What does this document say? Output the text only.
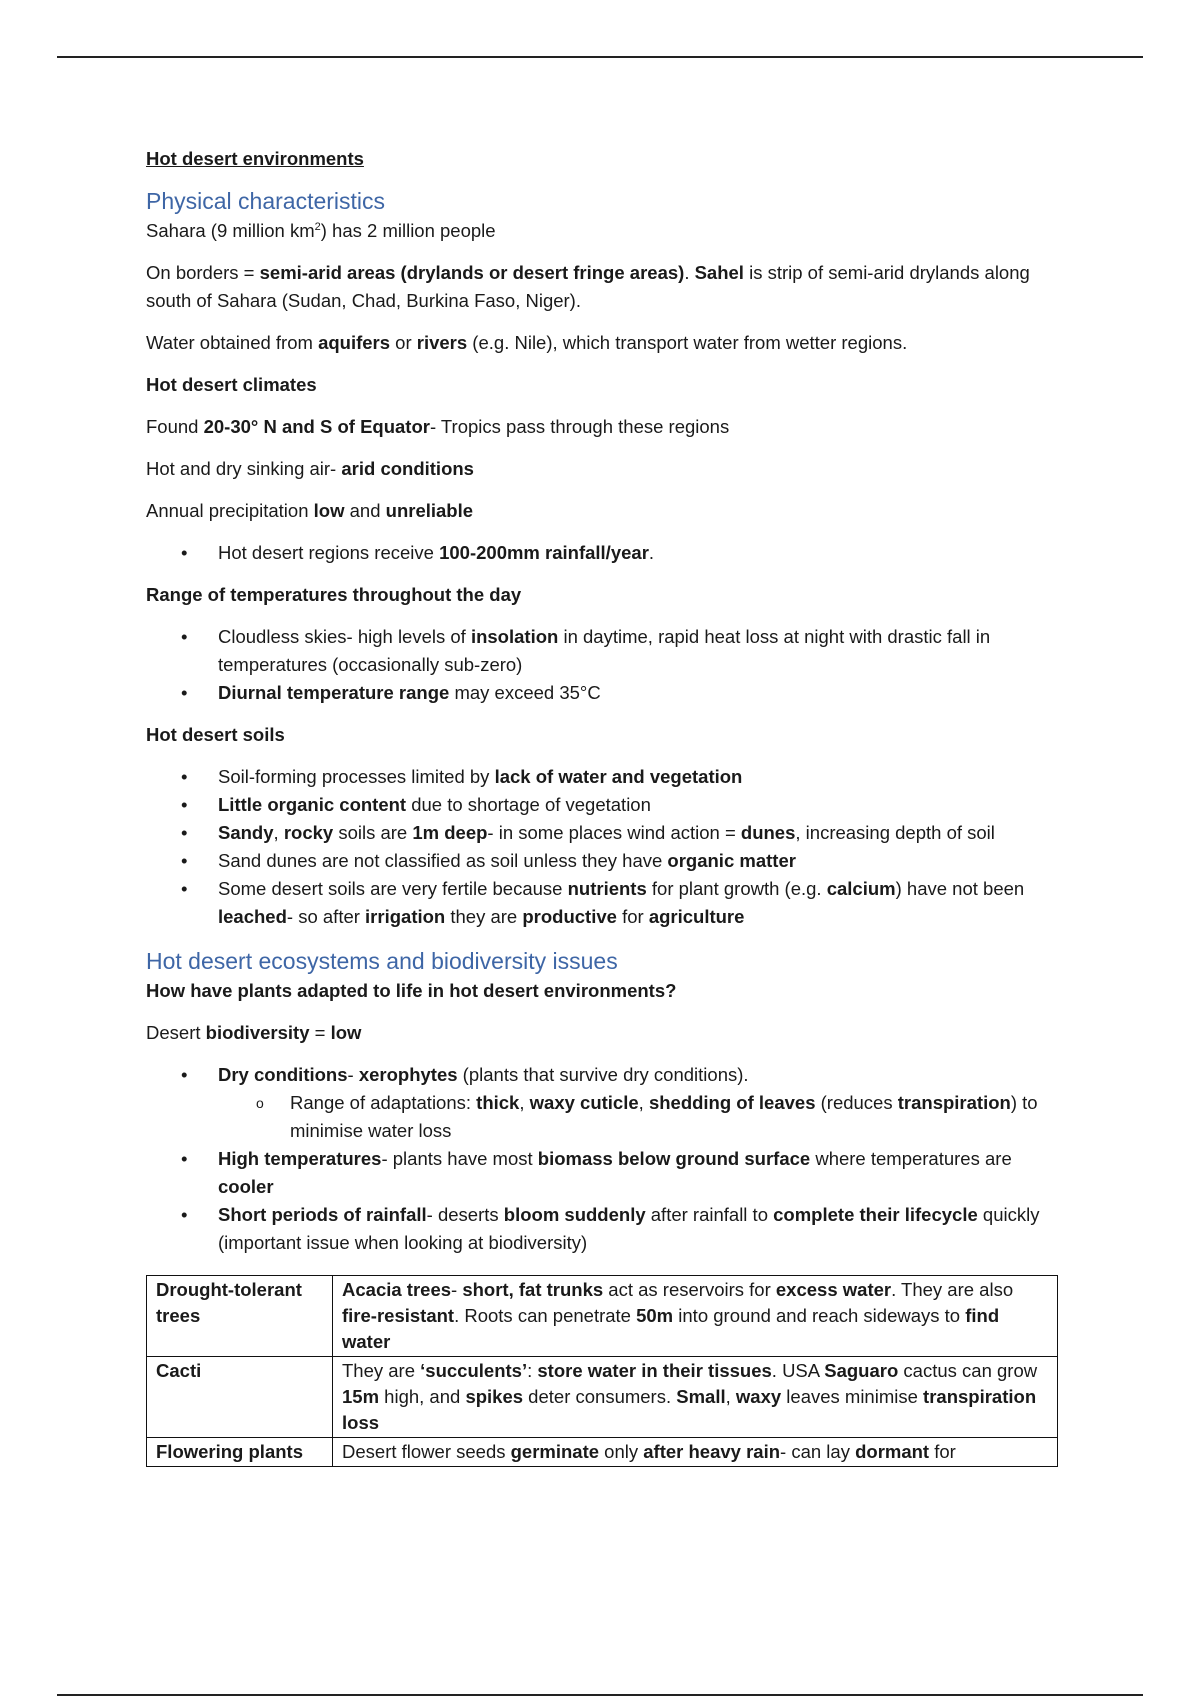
Hot desert environments

Physical characteristics

Sahara (9 million $km^2$) has 2 million people

On borders = semi-arid areas (drylands or desert fringe areas). Sahel is strip of semi-arid drylands along south of Sahara (Sudan, Chad, Burkina Faso, Niger).

Water obtained from aquifers or rivers (e.g. Nile), which transport water from wetter regions.

Hot desert climates

Found 20-30° N and S of Equator- Tropics pass through these regions

Hot and dry sinking air- arid conditions

Annual precipitation low and unreliable

• Hot desert regions receive 100-200mm rainfall/year.

Range of temperatures throughout the day

• Cloudless skies- high levels of insolation in daytime, rapid heat loss at night with drastic fall in temperatures (occasionally sub-zero)
• Diurnal temperature range may exceed 35°C

Hot desert soils

• Soil-forming processes limited by lack of water and vegetation
• Little organic content due to shortage of vegetation
• Sandy, rocky soils are 1m deep- in some places wind action = dunes, increasing depth of soil
• Sand dunes are not classified as soil unless they have organic matter
• Some desert soils are very fertile because nutrients for plant growth (e.g. calcium) have not been leached- so after irrigation they are productive for agriculture

Hot desert ecosystems and biodiversity issues

How have plants adapted to life in hot desert environments?

Desert biodiversity = low

• Dry conditions- xerophytes (plants that survive dry conditions).
o Range of adaptations: thick, waxy cuticle, shedding of leaves (reduces transpiration) to minimise water loss
• High temperatures- plants have most biomass below ground surface where temperatures are cooler
• Short periods of rainfall- deserts bloom suddenly after rainfall to complete their lifecycle quickly (important issue when looking at biodiversity)
Drought-tolerant trees	Acacia trees- short, fat trunks act as reservoirs for excess water. They are also fire-resistant. Roots can penetrate 50m into ground and reach sideways to find water
Cacti	They are ‘succulents’: store water in their tissues. USA Saguaro cactus can grow 15m high, and spikes deter consumers. Small, waxy leaves minimise transpiration loss
Flowering plants	Desert flower seeds germinate only after heavy rain- can lay dormant for
